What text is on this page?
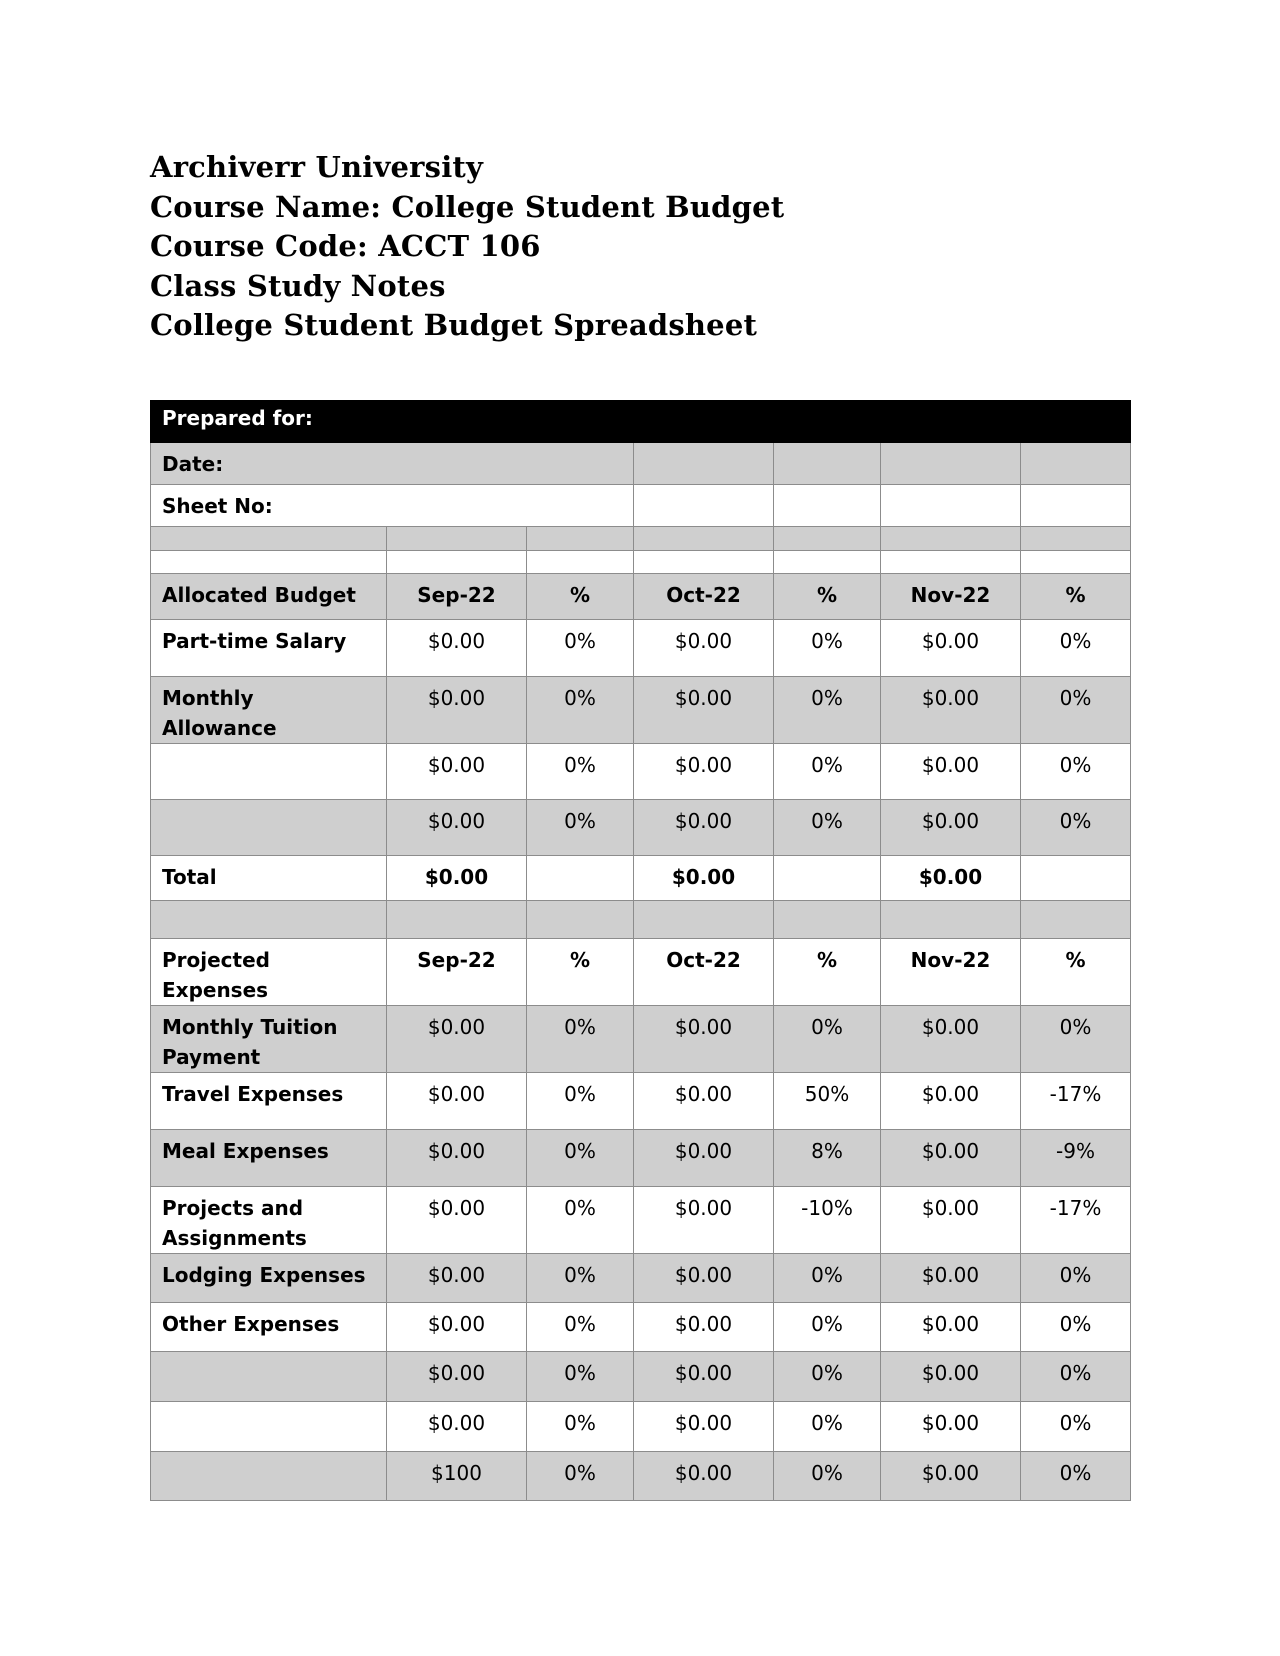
Archiverr University
Course Name: College Student Budget
Course Code: ACCT 106
Class Study Notes
College Student Budget Spreadsheet
Prepared for:						
Date:						
Sheet No:						

Allocated Budget	Sep-22	%	Oct-22	%	Nov-22	%
Part-time Salary	$0.00	0%	$0.00	0%	$0.00	0%
Monthly Allowance	$0.00	0%	$0.00	0%	$0.00	0%
	$0.00	0%	$0.00	0%	$0.00	0%
	$0.00	0%	$0.00	0%	$0.00	0%
Total	$0.00		$0.00		$0.00	

Projected Expenses	Sep-22	%	Oct-22	%	Nov-22	%
Monthly Tuition Payment	$0.00	0%	$0.00	0%	$0.00	0%
Travel Expenses	$0.00	0%	$0.00	50%	$0.00	-17%
Meal Expenses	$0.00	0%	$0.00	8%	$0.00	-9%
Projects and Assignments	$0.00	0%	$0.00	-10%	$0.00	-17%
Lodging Expenses	$0.00	0%	$0.00	0%	$0.00	0%
Other Expenses	$0.00	0%	$0.00	0%	$0.00	0%
	$0.00	0%	$0.00	0%	$0.00	0%
	$0.00	0%	$0.00	0%	$0.00	0%
	$100	0%	$0.00	0%	$0.00	0%
